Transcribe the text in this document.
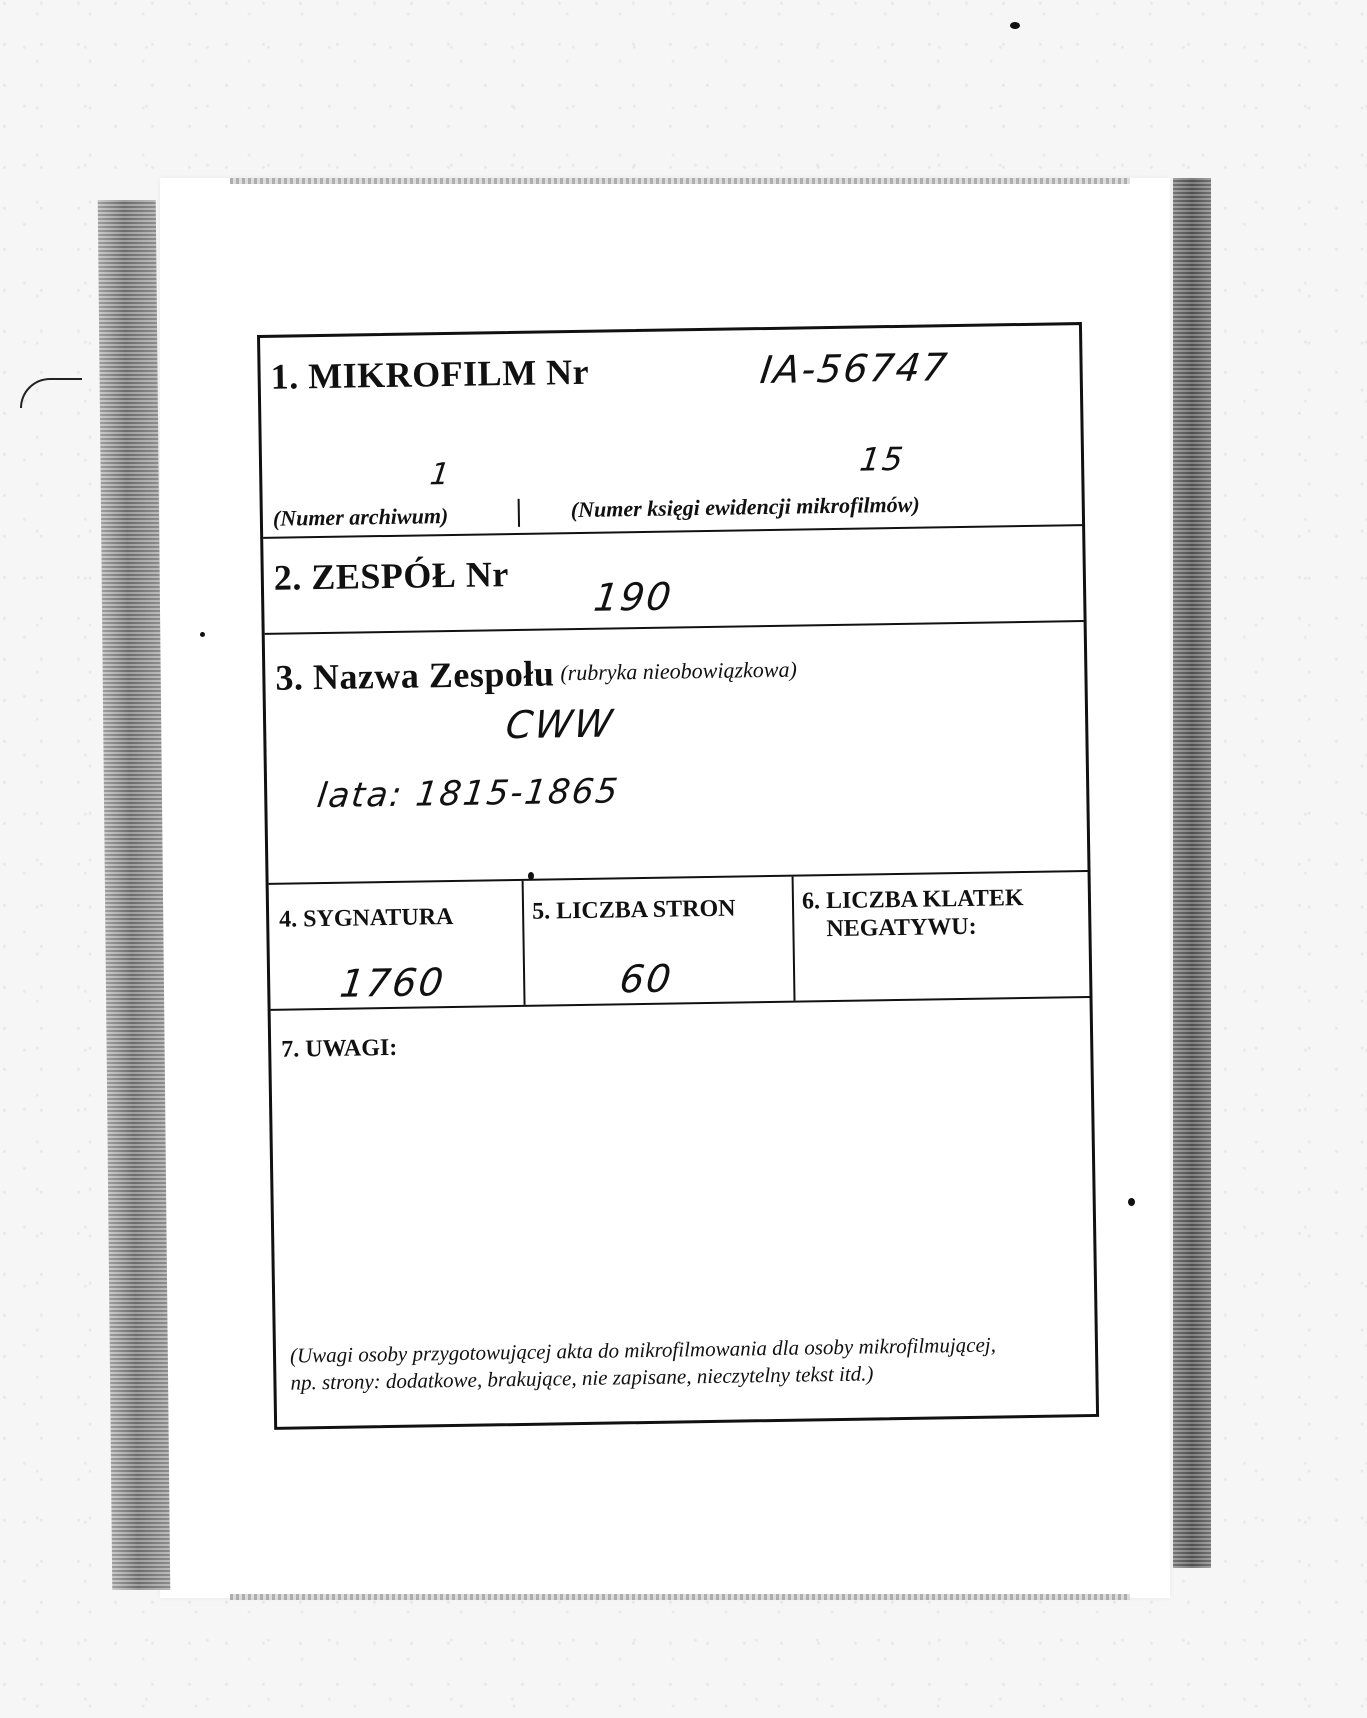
1. MIKROFILM Nr	IA-56747
1	15
(Numer archiwum)	(Numer księgi ewidencji mikrofilmów)
2. ZESPÓŁ Nr 190
3. Nazwa Zespołu (rubryka nieobowiązkowa)
CWW
lata: 1815-1865
4. SYGNATURA
1760
5. LICZBA STRON
60
6. LICZBA KLATEK
NEGATYWU:
7. UWAGI:
(Uwagi osoby przygotowującej akta do mikrofilmowania dla osoby mikrofilmującej,
np. strony: dodatkowe, brakujące, nie zapisane, nieczytelny tekst itd.)
